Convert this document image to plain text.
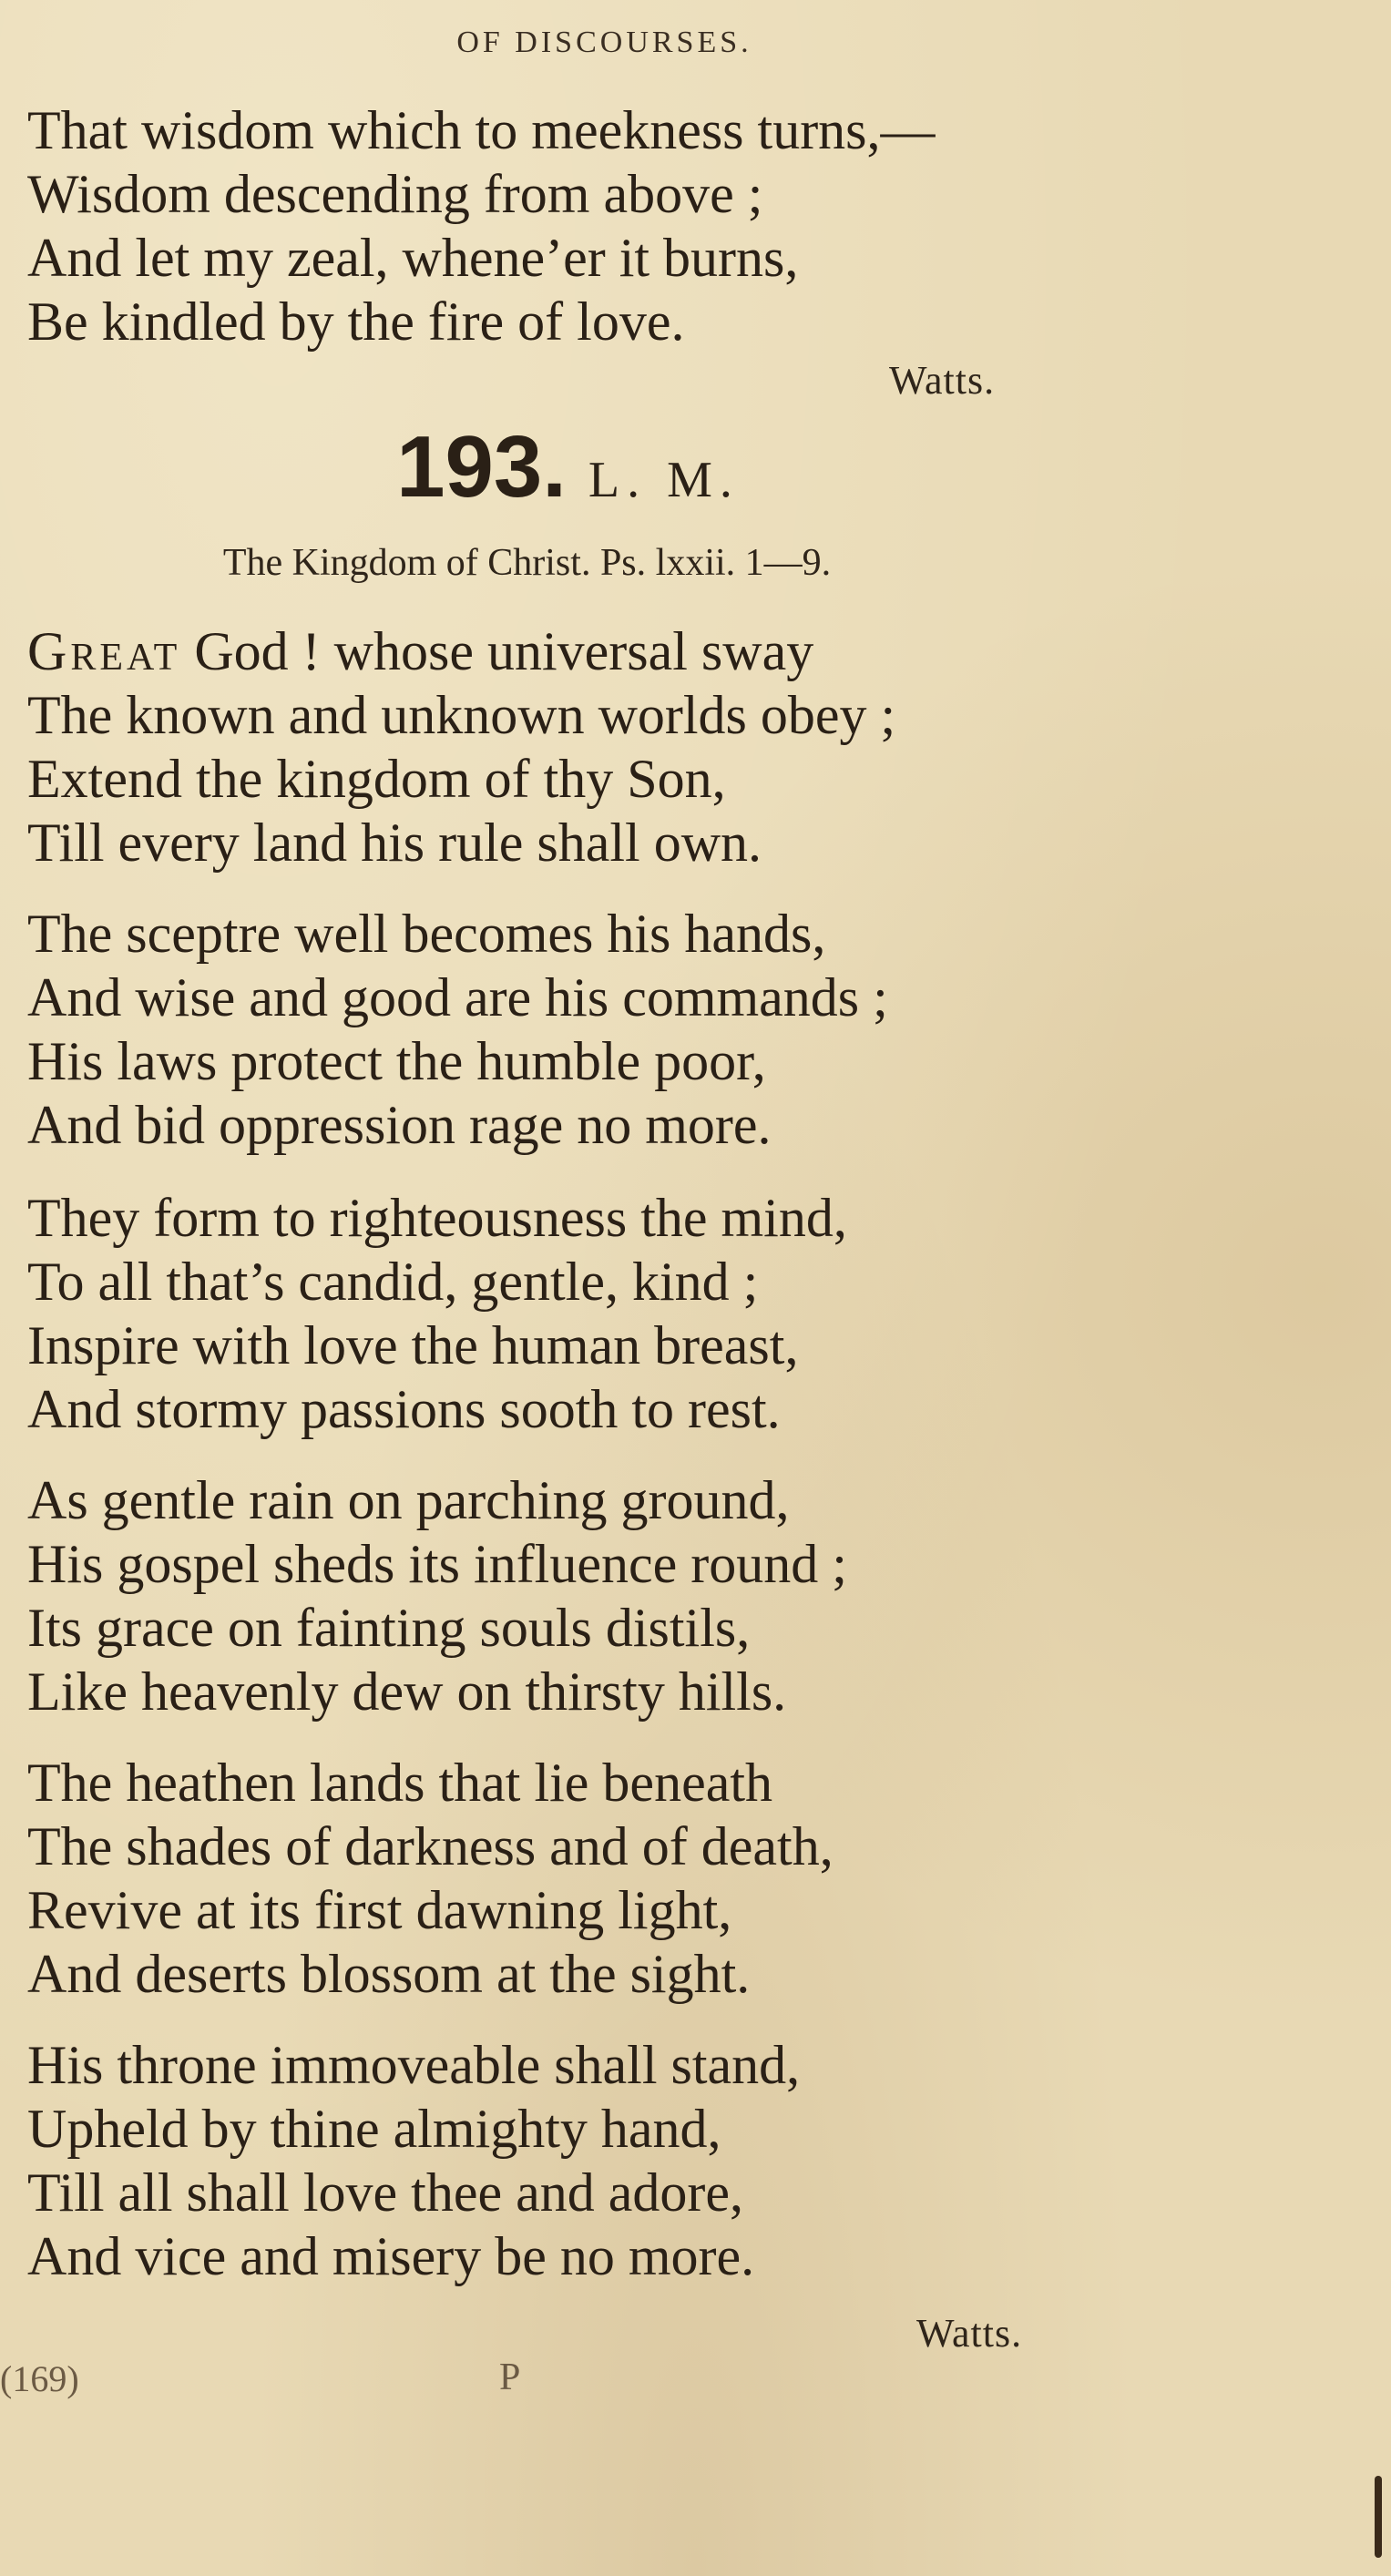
OF DISCOURSES.
That wisdom which to meekness turns,—
Wisdom descending from above ;
And let my zeal, whene’er it burns,
Be kindled by the fire of love.
Watts.
193. L. M.
The Kingdom of Christ. Ps. lxxii. 1—9.
Great God ! whose universal sway
The known and unknown worlds obey ;
Extend the kingdom of thy Son,
Till every land his rule shall own.
The sceptre well becomes his hands,
And wise and good are his commands ;
His laws protect the humble poor,
And bid oppression rage no more.
They form to righteousness the mind,
To all that’s candid, gentle, kind ;
Inspire with love the human breast,
And stormy passions sooth to rest.
As gentle rain on parching ground,
His gospel sheds its influence round ;
Its grace on fainting souls distils,
Like heavenly dew on thirsty hills.
The heathen lands that lie beneath
The shades of darkness and of death,
Revive at its first dawning light,
And deserts blossom at the sight.
His throne immoveable shall stand,
Upheld by thine almighty hand,
Till all shall love thee and adore,
And vice and misery be no more.
Watts.
(169)	P
